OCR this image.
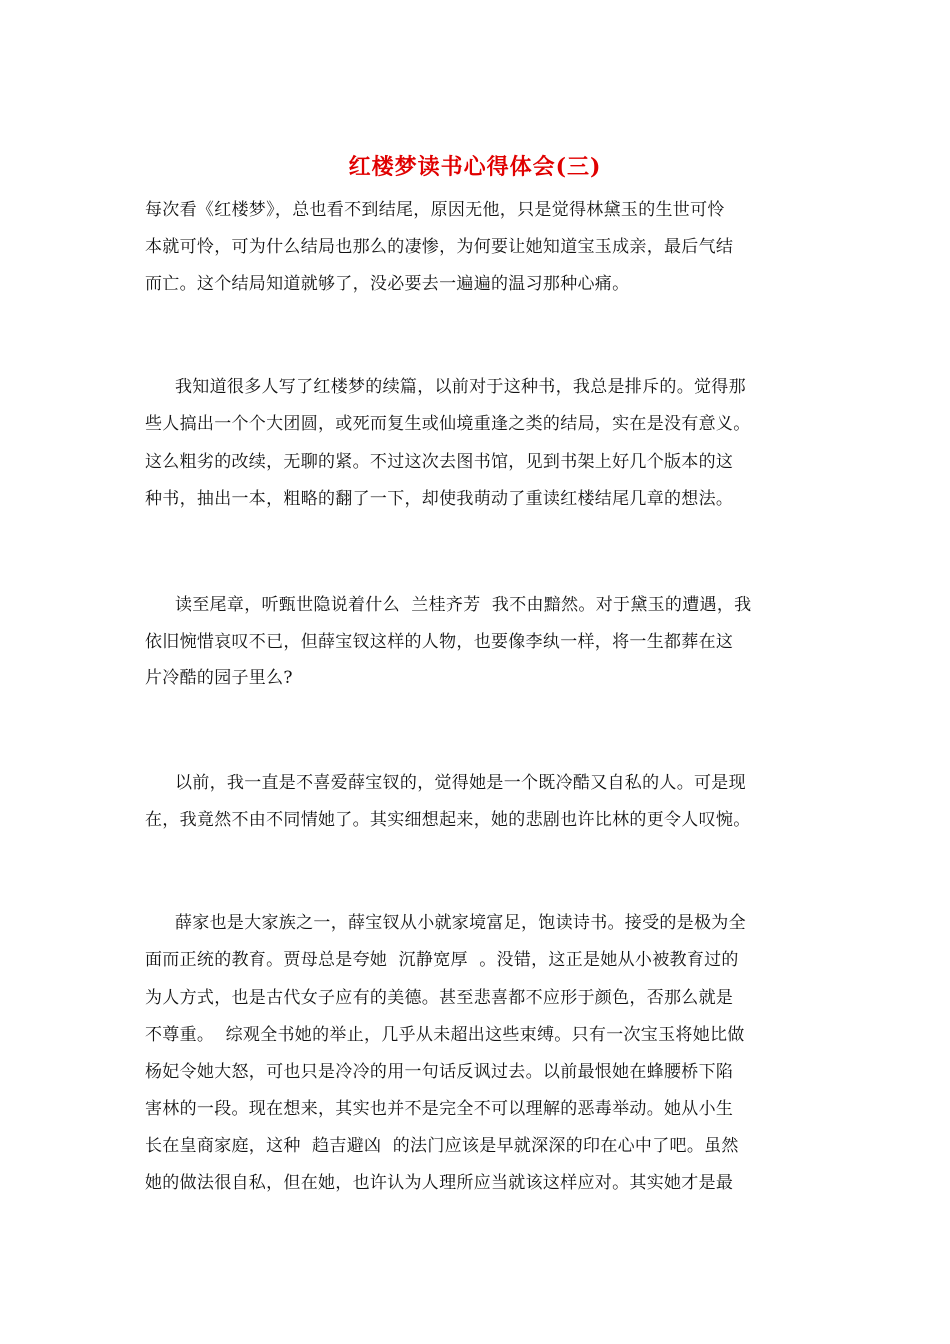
红楼梦读书心得体会(三)

每次看《红楼梦》，总也看不到结尾，原因无他，只是觉得林黛玉的生世可怜

本就可怜，可为什么结局也那么的凄惨，为何要让她知道宝玉成亲，最后气结

而亡。这个结局知道就够了，没必要去一遍遍的温习那种心痛。

我知道很多人写了红楼梦的续篇，以前对于这种书，我总是排斥的。觉得那

些人搞出一个个大团圆，或死而复生或仙境重逢之类的结局，实在是没有意义。

这么粗劣的改续，无聊的紧。不过这次去图书馆，见到书架上好几个版本的这

种书，抽出一本，粗略的翻了一下，却使我萌动了重读红楼结尾几章的想法。

读至尾章，听甄世隐说着什么  兰桂齐芳  我不由黯然。对于黛玉的遭遇，我

依旧惋惜哀叹不已，但薛宝钗这样的人物，也要像李纨一样，将一生都葬在这

片冷酷的园子里么?

以前，我一直是不喜爱薛宝钗的，觉得她是一个既冷酷又自私的人。可是现

在，我竟然不由不同情她了。其实细想起来，她的悲剧也许比林的更令人叹惋。

薛家也是大家族之一，薛宝钗从小就家境富足，饱读诗书。接受的是极为全

面而正统的教育。贾母总是夸她  沉静宽厚  。没错，这正是她从小被教育过的

为人方式，也是古代女子应有的美德。甚至悲喜都不应形于颜色，否那么就是

不尊重。  综观全书她的举止，几乎从未超出这些束缚。只有一次宝玉将她比做

杨妃令她大怒，可也只是冷冷的用一句话反讽过去。以前最恨她在蜂腰桥下陷

害林的一段。现在想来，其实也并不是完全不可以理解的恶毒举动。她从小生

长在皇商家庭，这种  趋吉避凶  的法门应该是早就深深的印在心中了吧。虽然

她的做法很自私，但在她，也许认为人理所应当就该这样应对。其实她才是最
